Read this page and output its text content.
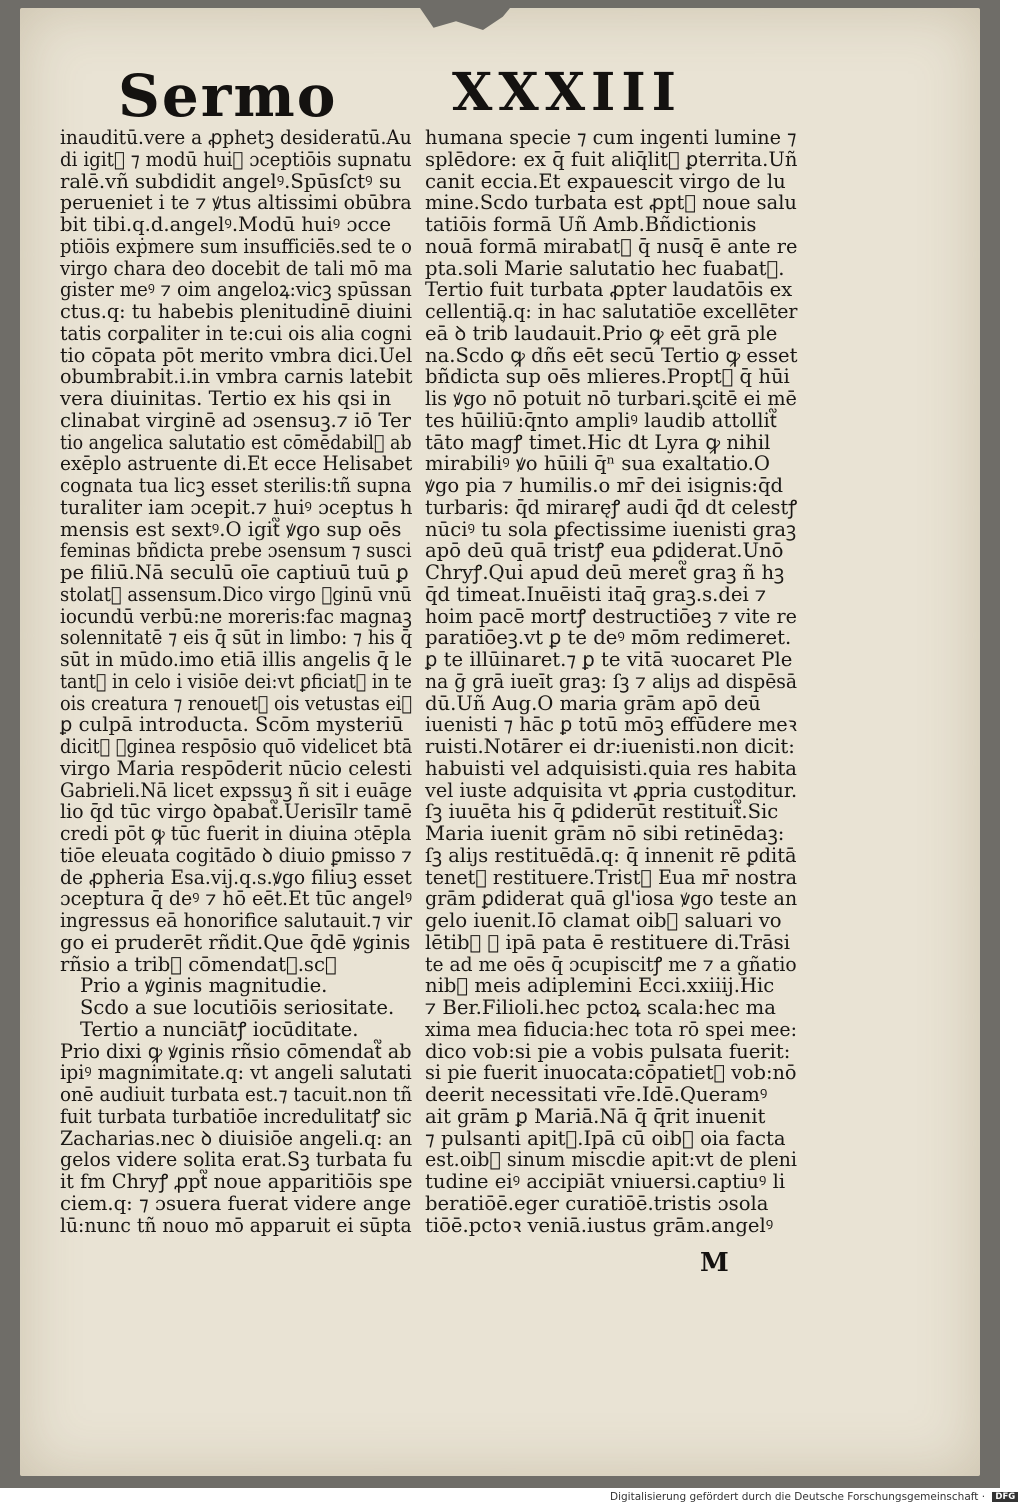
Sermo XXXIII
inauditū.vere a ꝓphetꝫ desideratū.Au
di igit᷑ ⁊ modū huiꝰ ɔceptiōis supnatu
ralē.vñ subdidit angelꝰ.Spūsſctꝰ su
perueniet i te ⁊ ꝟtus altissimi obūbra
bit tibi.q.d.angelꝰ.Modū huiꝰ ɔcce
ptiōis exṗmere sum insufficiēs.sed te o
virgo chara deo docebit de tali mō ma
gister meꝰ ⁊ oim angeloꝝ:vicꝫ spūssan
ctus.q: tu habebis plenitudinē diuini
tatis corꝑaliter in te:cui ois alia cogni
tio cōpata pōt merito vmbra dici.Uel
obumbrabit.i.in vmbra carnis latebit
vera diuinitas. Tertio ex his qsi in
clinabat virginē ad ɔsensuꝫ.⁊ iō Ter
tio angelica salutatio est cōmēdabil᷑ ab
exēplo astruente di.Et ecce Helisabet
cognata tua licꝫ esset sterilis:tñ supna
turaliter iam ɔcepit.⁊ huiꝰ ɔceptus h
mensis est sextꝰ.O igit᷑ ꝟgo sup oēs
feminas bñdicta prebe ɔsensum ⁊ susci
pe filiū.Nā seculū oīe captiuū tuū ꝑ
stolat᷑ assensum.Dico virgo ꝟginū vnū
iocundū verbū:ne moreris:fac magnaꝫ
solennitatē ⁊ eis q̄ sūt in limbo: ⁊ his q̄
sūt in mūdo.imo etiā illis angelis q̄ le
tant᷑ in celo i visiōe dei:vt ꝑficiat᷑ in te
ois creatura ⁊ renouet᷑ ois vetustas eiꝰ
ꝑ culpā introducta. Scōm mysteriū
dicit᷑ ꝟginea respōsio quō videlicet btā
virgo Maria respōderit nūcio celesti
Gabrieli.Nā licet expssuꝫ ñ sit i euāge
lio q̄d tūc virgo ꝺpabat᷑.Uerisīlr tamē
credi pōt ꝙ tūc fuerit in diuina ɔtēpla
tiōe eleuata cogitādo ꝺ diuio ꝑmisso ⁊
de ꝓpheria Esa.vij.q.s.ꝟgo filiuꝫ esset
ɔceptura q̄ deꝰ ⁊ hō eēt.Et tūc angelꝰ
ingressus eā honorifice salutauit.⁊ vir
go ei pruderēt rñdit.Que q̄dē ꝟginis
rñsio a trib᷒ cōmendat᷑.scꝫ
Prio a ꝟginis magnitudie.
Scdo a sue locutiōis seriositate.
Tertio a nunciātꝭ iocūditate.
Prio dixi ꝙ ꝟginis rñsio cōmendat᷑ ab
ipiꝰ magnimitate.q: vt angeli salutati
onē audiuit turbata est.⁊ tacuit.non tñ
fuit turbata turbatiōe incredulitatꝭ sic
Zacharias.nec ꝺ diuisiōe angeli.q: an
gelos videre solita erat.Sꝫ turbata fu
it fm Chryꝭ ꝓpt᷑ noue apparitiōis spe
ciem.q: ⁊ ɔsuera fuerat videre ange
lū:nunc tñ nouo mō apparuit ei sūpta
humana specie ⁊ cum ingenti lumine ⁊
splēdore: ex q̄ fuit aliq̄lit᷑ ꝑterrita.Uñ
canit eccia.Et expauescit virgo de lu
mine.Scdo turbata est ꝓpt᷑ noue salu
tatiōis formā Uñ Amb.Bñdictionis
nouā formā mirabat᷑ q̄ nusq̄ ē ante re
pta.soli Marie salutatio hec fuabat᷑.
Tertio fuit turbata ꝓpter laudatōis ex
cellentiā.q: in hac salutatiōe excellēter
eā ꝺ trib᷒ laudauit.Prio ꝙ eēt grā ple
na.Scdo ꝙ dñs eēt secū Tertio ꝙ esset
bñdicta sup oēs mlieres.Propt᷑ q̄ hūi
lis ꝟgo nō potuit nō turbari.scitē ei mē
tes hūiliū:q̄nto ampliꝰ laudib᷒ attollit᷑
tāto magꝭ timet.Hic dt Lyra ꝙ nihil
mirabiliꝰ ꝟo hūili q̄ⁿ sua exaltatio.O
ꝟgo pia ⁊ humilis.o mr̄ dei isignis:q̄d
turbaris: q̄d miraręꝭ audi q̄d dt celestꝭ
nūciꝰ tu sola ꝑfectissime iuenisti graꝫ
apō deū quā tristꝭ eua ꝑdiderat.Unō
Chryꝭ.Qui apud deū meret᷑ graꝫ ñ hꝫ
q̄d timeat.Inuēisti itaq̄ graꝫ.s.dei ⁊
hoim pacē mortꝭ destructiōeꝫ ⁊ vite re
paratiōeꝫ.vt ꝑ te deꝰ mōm redimeret.
ꝑ te illūinaret.⁊ ꝑ te vitā ꝛuocaret Ple
na ḡ grā iueīt graꝫ: ſꝫ ⁊ aliȷs ad dispēsā
dū.Uñ Aug.O maria grām apō deū
iuenisti ⁊ hāc ꝑ totū mōꝫ effūdere meꝛ
ruisti.Notārer ei dr:iuenisti.non dicit:
habuisti vel adquisisti.quia res habita
vel iuste adquisita vt ꝓpria custoditur.
ſꝫ iuuēta his q̄ ꝑdiderūt restituit᷑.Sic
Maria iuenit grām nō sibi retinēdaꝫ:
ſꝫ aliȷs restituēdā.q: q̄ innenit rē ꝑditā
tenet᷑ restituere.Tristꝭ Eua mr̄ nostra
grām ꝑdiderat quā gl'iosa ꝟgo teste an
gelo iuenit.Iō clamat oib᷒ saluari vo
lētib᷒ ꝙ ipā pata ē restituere di.Trāsi
te ad me oēs q̄ ɔcupiscitꝭ me ⁊ a gñatio
nib᷒ meis adiplemini Ecci.xxiiij.Hic
⁊ Ber.Filioli.hec pctoꝝ scala:hec ma
xima mea fiducia:hec tota rō spei mee:
dico vob:si pie a vobis pulsata fuerit:
si pie fuerit inuocata:cōpatiet᷑ vob:nō
deerit necessitati vr̄e.Idē.Queramꝰ
ait grām ꝑ Mariā.Nā q̄ q̄rit inuenit
⁊ pulsanti apit᷑.Ipā cū oib᷒ oia facta
est.oib᷒ sinum miscdie apit:vt de pleni
tudine eiꝰ accipiāt vniuersi.captiuꝰ li
beratiōē.eger curatiōē.tristis ɔsola
tiōē.pctoꝛ veniā.iustus grām.angelꝰ
M
Digitalisierung gefördert durch die Deutsche Forschungsgemeinschaft · DFG
